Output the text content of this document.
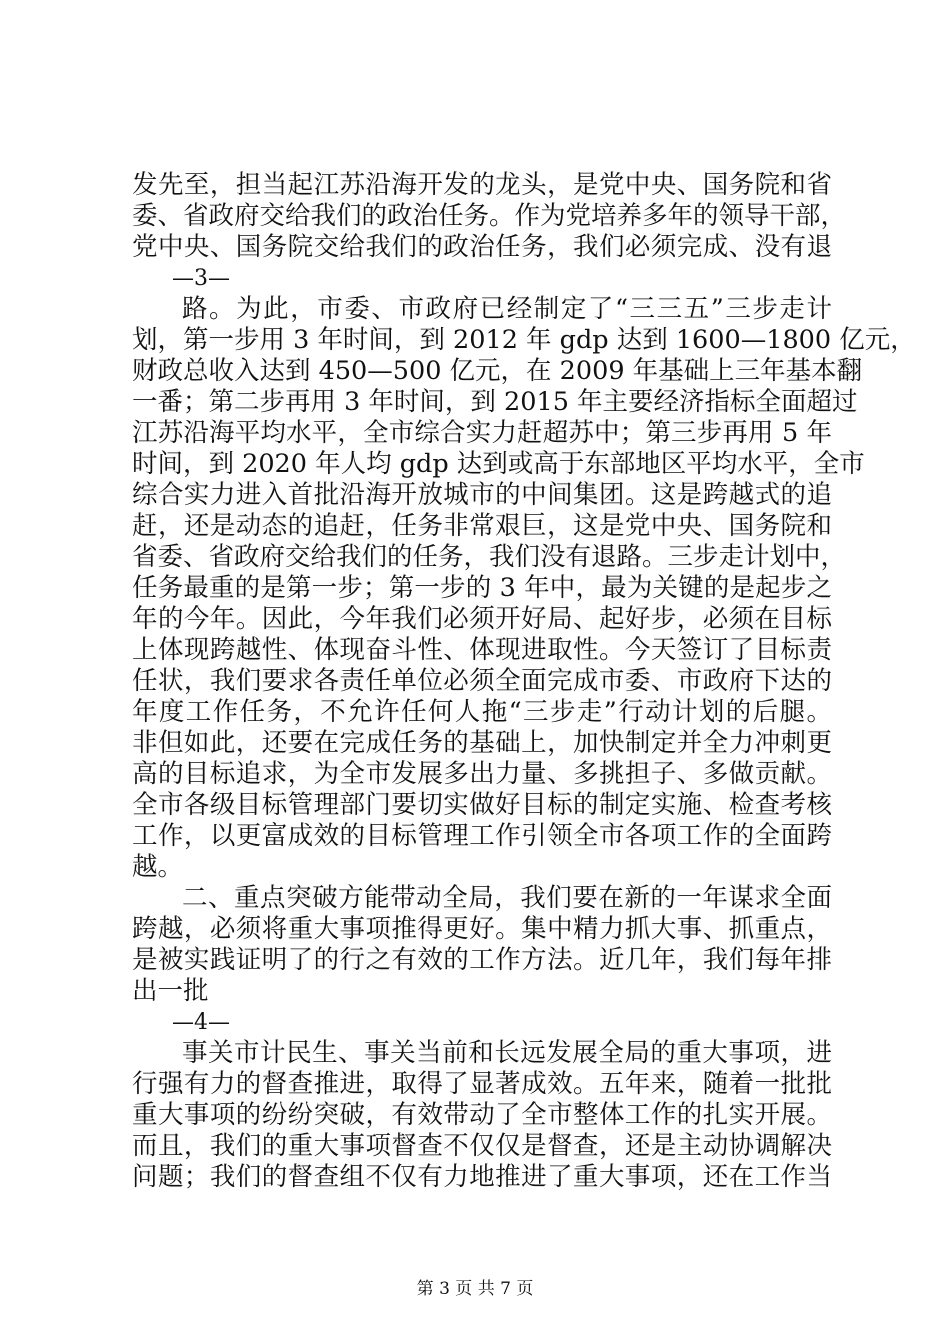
发先至，担当起江苏沿海开发的龙头，是党中央、国务院和省
委、省政府交给我们的政治任务。作为党培养多年的领导干部，
党中央、国务院交给我们的政治任务，我们必须完成、没有退
—3—
路。为此，市委、市政府已经制定了“三三五”三步走计
划，第一步用 3 年时间，到 2012 年 gdp 达到 1600—1800 亿元，
财政总收入达到 450—500 亿元，在 2009 年基础上三年基本翻
一番；第二步再用 3 年时间，到 2015 年主要经济指标全面超过
江苏沿海平均水平，全市综合实力赶超苏中；第三步再用 5 年
时间，到 2020 年人均 gdp 达到或高于东部地区平均水平，全市
综合实力进入首批沿海开放城市的中间集团。这是跨越式的追
赶，还是动态的追赶，任务非常艰巨，这是党中央、国务院和
省委、省政府交给我们的任务，我们没有退路。三步走计划中，
任务最重的是第一步；第一步的 3 年中，最为关键的是起步之
年的今年。因此，今年我们必须开好局、起好步，必须在目标
上体现跨越性、体现奋斗性、体现进取性。今天签订了目标责
任状，我们要求各责任单位必须全面完成市委、市政府下达的
年度工作任务，不允许任何人拖“三步走”行动计划的后腿。
非但如此，还要在完成任务的基础上，加快制定并全力冲刺更
高的目标追求，为全市发展多出力量、多挑担子、多做贡献。
全市各级目标管理部门要切实做好目标的制定实施、检查考核
工作，以更富成效的目标管理工作引领全市各项工作的全面跨
越。
二、重点突破方能带动全局，我们要在新的一年谋求全面
跨越，必须将重大事项推得更好。集中精力抓大事、抓重点，
是被实践证明了的行之有效的工作方法。近几年，我们每年排
出一批
—4—
事关市计民生、事关当前和长远发展全局的重大事项，进
行强有力的督查推进，取得了显著成效。五年来，随着一批批
重大事项的纷纷突破，有效带动了全市整体工作的扎实开展。
而且，我们的重大事项督查不仅仅是督查，还是主动协调解决
问题；我们的督查组不仅有力地推进了重大事项，还在工作当
第 3 页 共 7 页
